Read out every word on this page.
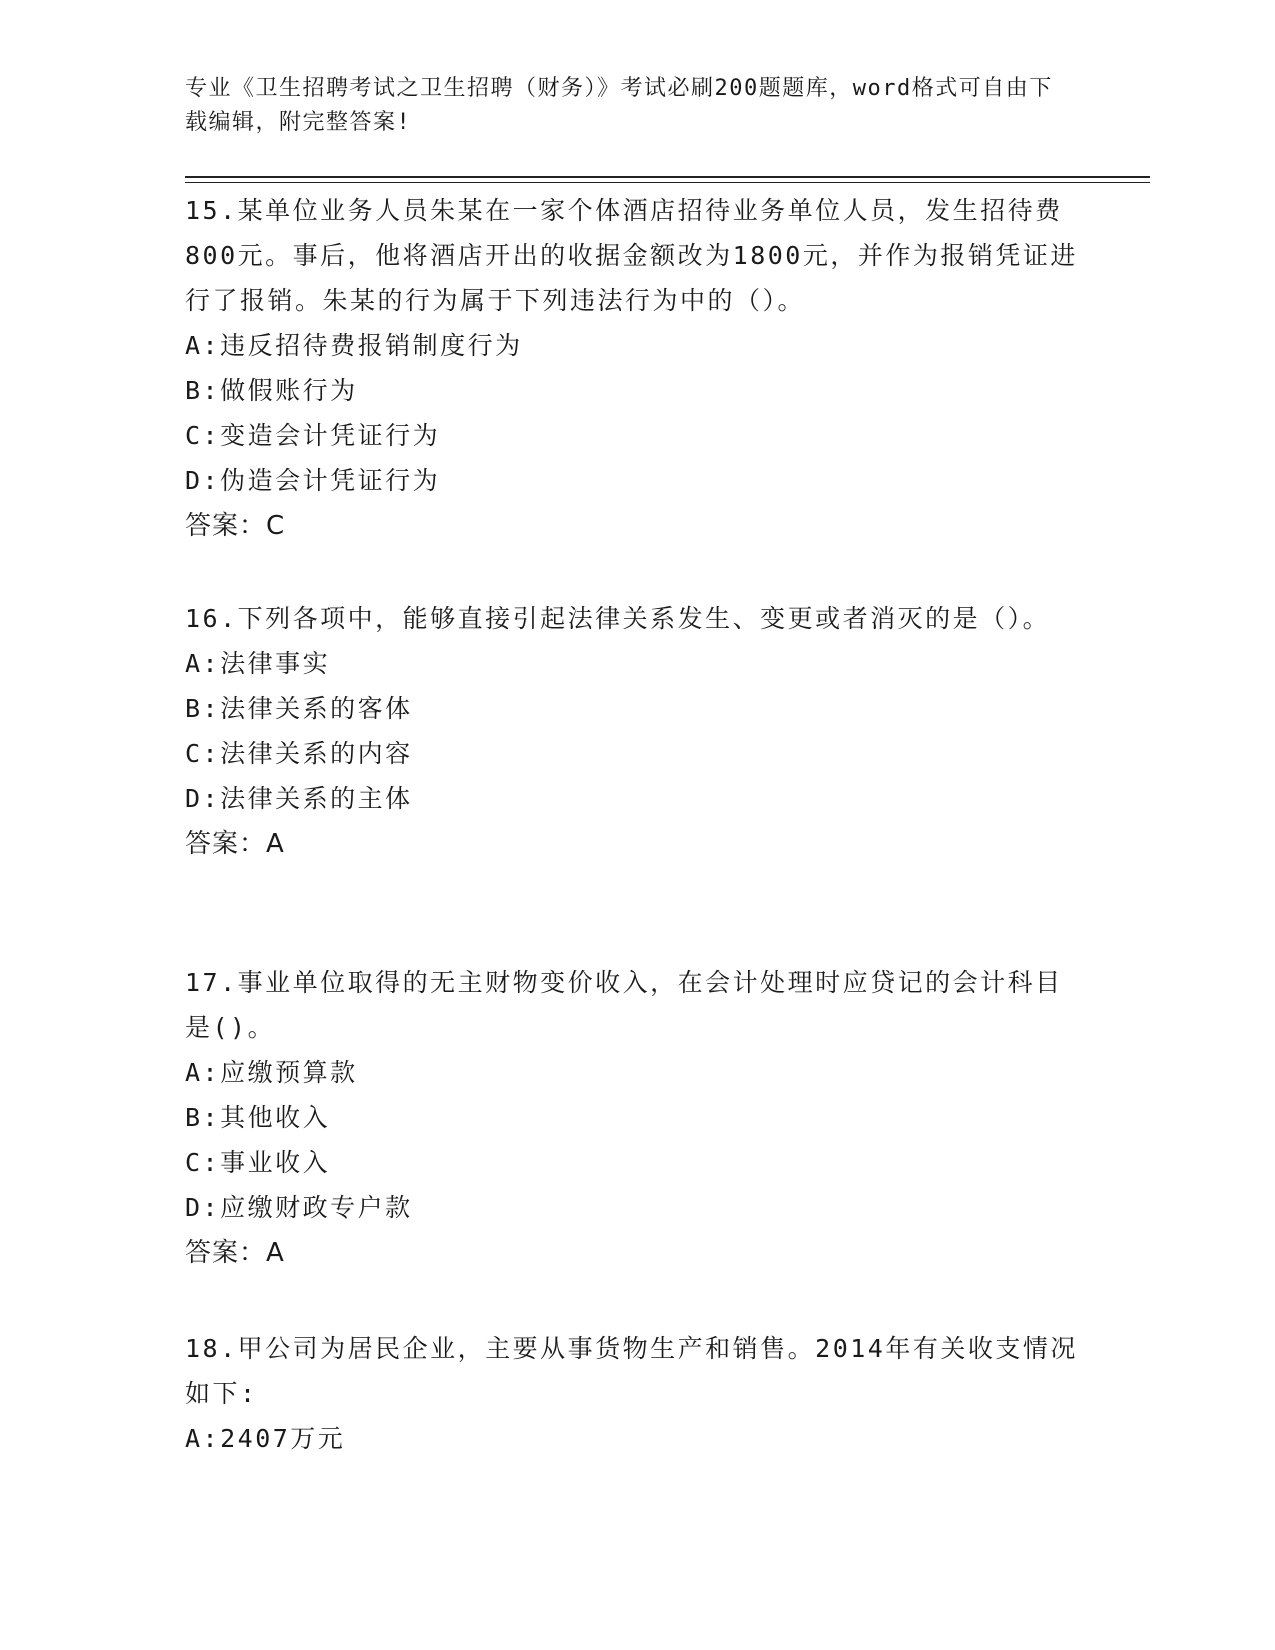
专业《卫生招聘考试之卫生招聘（财务）》考试必刷200题题库，word格式可自由下载编辑，附完整答案!

15.某单位业务人员朱某在一家个体酒店招待业务单位人员，发生招待费800元。事后，他将酒店开出的收据金额改为1800元，并作为报销凭证进行了报销。朱某的行为属于下列违法行为中的（）。

A:违反招待费报销制度行为

B:做假账行为

C:变造会计凭证行为

D:伪造会计凭证行为

答案：C

16.下列各项中，能够直接引起法律关系发生、变更或者消灭的是（）。

A:法律事实

B:法律关系的客体

C:法律关系的内容

D:法律关系的主体

答案：A

17.事业单位取得的无主财物变价收入，在会计处理时应贷记的会计科目是()。

A:应缴预算款

B:其他收入

C:事业收入

D:应缴财政专户款

答案：A

18.甲公司为居民企业，主要从事货物生产和销售。2014年有关收支情况如下:

A:2407万元
